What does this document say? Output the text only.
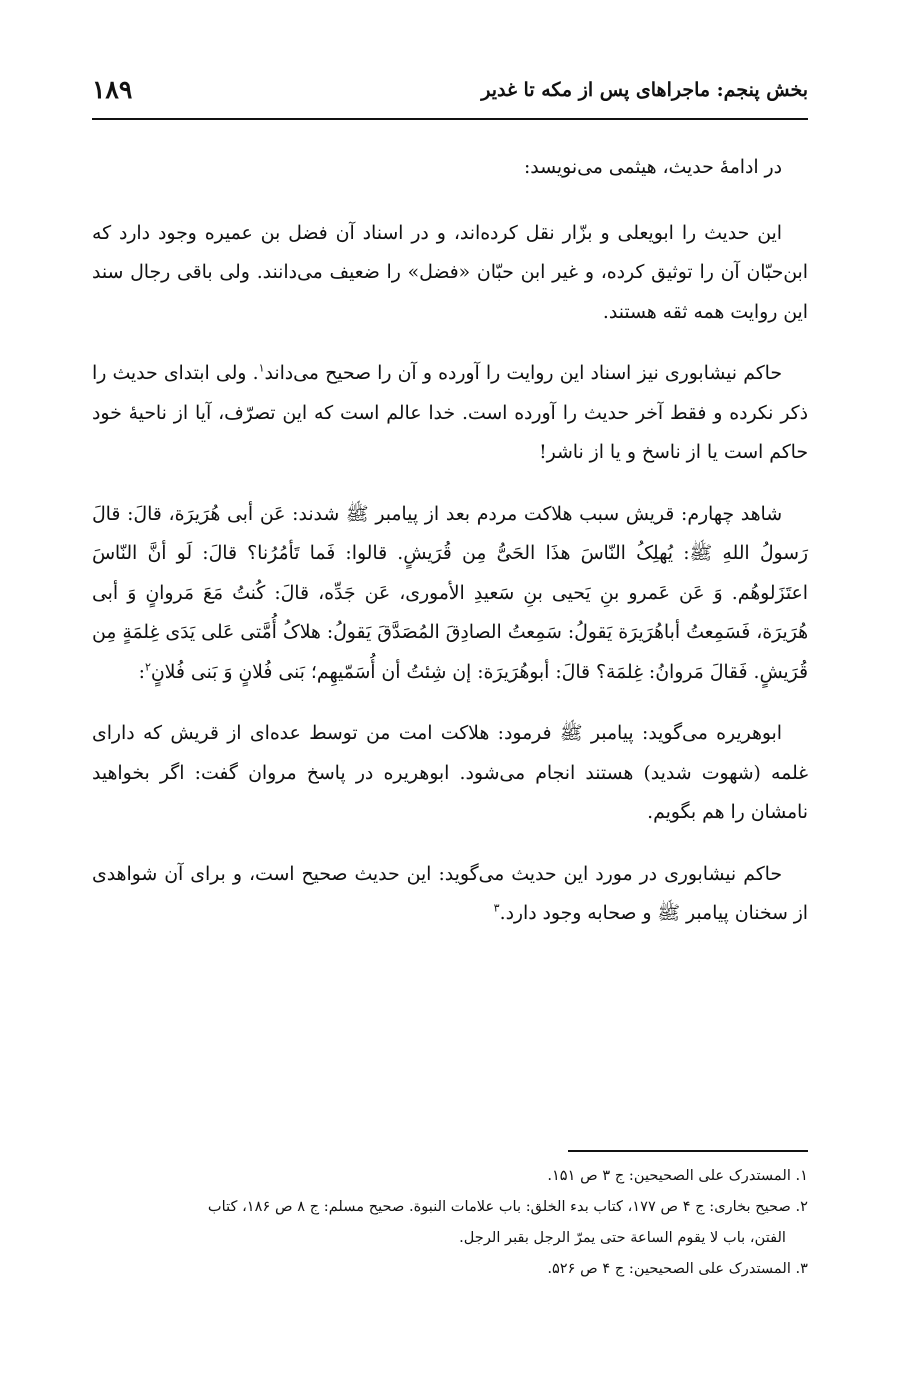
بخش پنجم: ماجراهای پس از مکه تا غدیر
۱۸۹

در ادامهٔ حدیث، هیثمی می‌نویسد:

این حدیث را ابویعلی و بزّار نقل کرده‌اند، و در اسناد آن فضل بن عمیره وجود دارد که ابن‌حبّان آن را توثیق کرده، و غیر ابن حبّان «فضل» را ضعیف می‌دانند. ولی باقی رجال سند این روایت همه ثقه هستند.

حاکم نیشابوری نیز اسناد این روایت را آورده و آن را صحیح می‌داند$^۱$. ولی ابتدای حدیث را ذکر نکرده و فقط آخر حدیث را آورده است. خدا عالم است که این تصرّف، آیا از ناحیهٔ خود حاکم است یا از ناسخ و یا از ناشر!

شاهد چهارم: قریش سبب هلاکت مردم بعد از پیامبر ﷺ شدند: عَن أبی هُرَیرَة، قالَ: قالَ رَسولُ اللهِ ﷺ: یُهلِکُ النّاسَ هذَا الحَیُّ مِن قُرَیشٍ. قالوا: فَما تَأمُرُنا؟ قالَ: لَو أنَّ النّاسَ اعتَزَلوهُم. وَ عَن عَمرو بنِ یَحیی بنِ سَعیدِ الأموری، عَن جَدِّه، قالَ: کُنتُ مَعَ مَروانٍ وَ أبی هُرَیرَة، فَسَمِعتُ أباهُرَیرَة یَقولُ: سَمِعتُ الصادِقَ المُصَدَّقَ یَقولُ: هلاکُ أُمَّتی عَلی یَدَی غِلمَةٍ مِن قُرَیشٍ. فَقالَ مَروانُ: غِلمَة؟ قالَ: أبوهُرَیرَة: إن شِئتُ أن أُسَمّیهِم؛ بَنی فُلانٍ وَ بَنی فُلانٍ$^۲$:

ابوهریره می‌گوید: پیامبر ﷺ فرمود: هلاکت امت من توسط عده‌ای از قریش که دارای غلمه (شهوت شدید) هستند انجام می‌شود. ابوهریره در پاسخ مروان گفت: اگر بخواهید نامشان را هم بگویم.

حاکم نیشابوری در مورد این حدیث می‌گوید: این حدیث صحیح است، و برای آن شواهدی از سخنان پیامبر ﷺ و صحابه وجود دارد.$^۳$

۱. المستدرک علی الصحیحین: ج ۳ ص ۱۵۱.
۲. صحیح بخاری: ج ۴ ص ۱۷۷، کتاب بدء الخلق: باب علامات النبوة. صحیح مسلم: ج ۸ ص ۱۸۶، کتاب
الفتن، باب لا یقوم الساعة حتی یمرّ الرجل بقبر الرجل.
۳. المستدرک علی الصحیحین: ج ۴ ص ۵۲۶.
